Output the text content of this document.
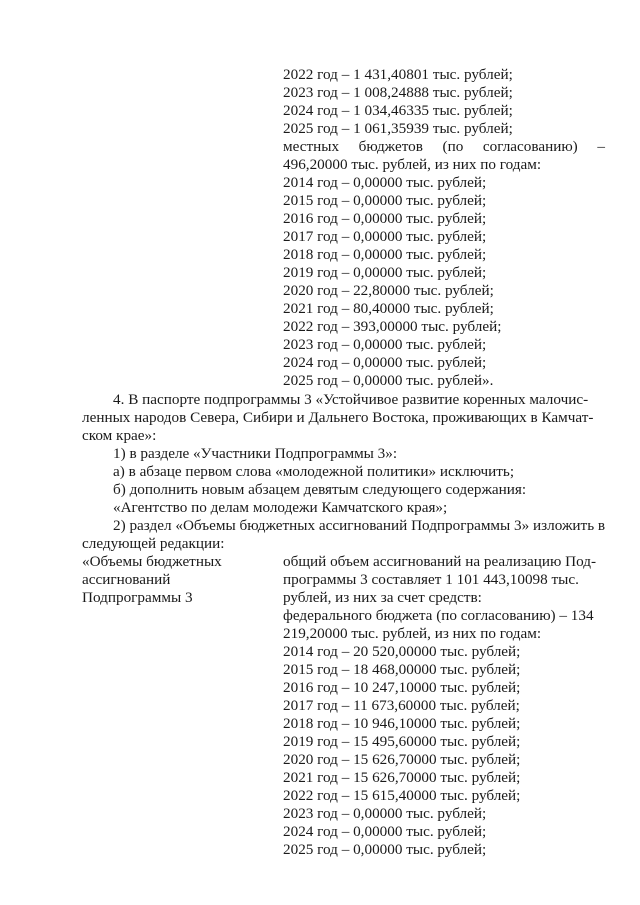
2022 год – 1 431,40801 тыс. рублей;
2023 год – 1 008,24888 тыс. рублей;
2024 год – 1 034,46335 тыс. рублей;
2025 год – 1 061,35939 тыс. рублей;
местных бюджетов (по согласованию) –
496,20000 тыс. рублей, из них по годам:
2014 год – 0,00000 тыс. рублей;
2015 год – 0,00000 тыс. рублей;
2016 год – 0,00000 тыс. рублей;
2017 год – 0,00000 тыс. рублей;
2018 год – 0,00000 тыс. рублей;
2019 год – 0,00000 тыс. рублей;
2020 год – 22,80000 тыс. рублей;
2021 год – 80,40000 тыс. рублей;
2022 год – 393,00000 тыс. рублей;
2023 год – 0,00000 тыс. рублей;
2024 год – 0,00000 тыс. рублей;
2025 год – 0,00000 тыс. рублей».
4. В паспорте подпрограммы 3 «Устойчивое развитие коренных малочис-
ленных народов Севера, Сибири и Дальнего Востока, проживающих в Камчат-
ском крае»:
1) в разделе «Участники Подпрограммы 3»:
а) в абзаце первом слова «молодежной политики» исключить;
б) дополнить новым абзацем девятым следующего содержания:
«Агентство по делам молодежи Камчатского края»;
2) раздел «Объемы бюджетных ассигнований Подпрограммы 3» изложить в
следующей редакции:
«Объемы бюджетных
ассигнований
Подпрограммы 3
общий объем ассигнований на реализацию Под-
программы 3 составляет 1 101 443,10098 тыс.
рублей, из них за счет средств:
федерального бюджета (по согласованию) – 134
219,20000 тыс. рублей, из них по годам:
2014 год – 20 520,00000 тыс. рублей;
2015 год – 18 468,00000 тыс. рублей;
2016 год – 10 247,10000 тыс. рублей;
2017 год – 11 673,60000 тыс. рублей;
2018 год – 10 946,10000 тыс. рублей;
2019 год – 15 495,60000 тыс. рублей;
2020 год – 15 626,70000 тыс. рублей;
2021 год – 15 626,70000 тыс. рублей;
2022 год – 15 615,40000 тыс. рублей;
2023 год – 0,00000 тыс. рублей;
2024 год – 0,00000 тыс. рублей;
2025 год – 0,00000 тыс. рублей;
